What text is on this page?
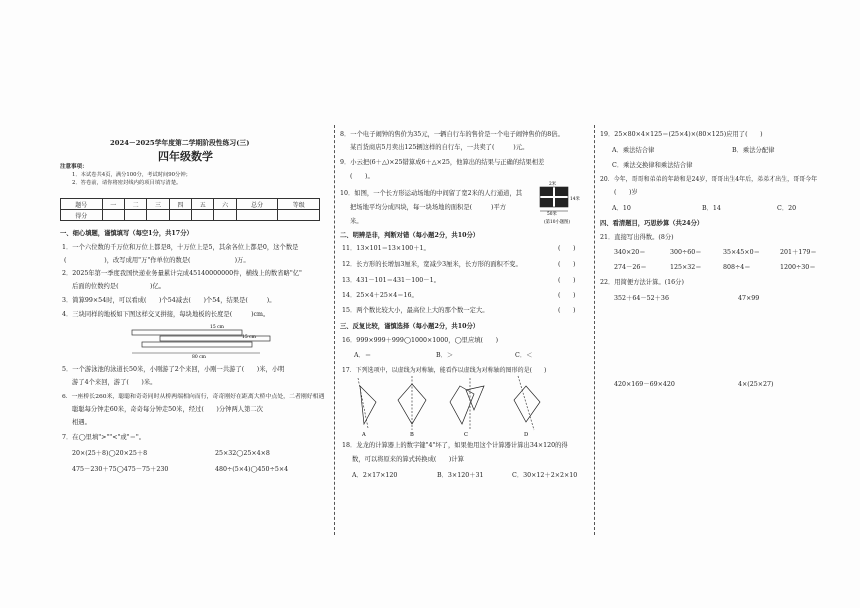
2024－2025学年度第二学期阶段性练习(三)
四年级数学
注意事项：
1．本试卷共4页，满分100分，考试时间90分钟；
2．答卷前，请你将密封线内的项目填写清楚。
题号	一	二	三	四	五	六	总分	等级
得分								
一、细心填题，谨慎填写（每空1分，共17分）
1．一个六位数的千万位和万位上都是8，十万位上是5，其余各位上都是0，这个数是
(　　　　　　)，改写成用"万"作单位的数是(　　　　　　　)万。
2．2025年第一季度我国快递业务量累计完成45140000000件，横线上的数省略"亿"
后面的位数约是(　　　　　)亿。
3．简算99×54时，可以看成(　　)个54减去(　　)个54，结果是(　　　)。
4．三块同样的地板如下图这样交叉拼接，每块地板的长度是(　　　)cm。
15 cm
15 cm
80 cm
5．一个游泳池的泳道长50米，小刚游了2个来回，小刚一共游了(　　)米，小明
游了4个来回，游了(　　)米。
6．一座桥长260米，聪聪和奇奇同时从桥两端相向而行，奇奇刚好在距离大桥中点处，二者刚好相遇
聪聪每分钟走60米，奇奇每分钟走50米，经过(　　)分钟两人第二次
相遇。
7．在◯里填">""<"或"＝"。
20×(25＋8)◯20×25＋8	25×32◯25×4×8
475－230＋75◯475－75＋230	480÷(5×4)◯450÷5×4
8．一个电子闹钟的售价为35元，一辆自行车的售价是一个电子闹钟售价的8倍。
某百货商店5月卖出125辆这样的自行车，一共卖了(　　　)元。
9．小云把(6＋△)×25错算成6＋△×25，他算出的结果与正确的结果相差
(　　)。
10．如图，一个长方形运动场地的中间留了宽2米的人行通道，其
把场地平均分成四块，每一块场地的面积是(　　　)平方
米。
2米
14米
50米
(第10小题图)
二、明辨是非，判断对错（每小题2分，共10分）
11．13×101＝13×100＋1。	(　　)
12．长方形的长增加3厘米，宽减少3厘米，长方形的面积不变。	(　　)
13．431－101＝431－100－1。	(　　)
14．25×4＋25×4＝16。	(　　)
15．两个数比较大小，最高位上大的那个数一定大。	(　　)
三、反复比较，谨慎选择（每小题2分，共10分）
16．999×999＋999◯1000×1000，◯里应填(　　)
A．＝	B．＞	C．＜
17．下列选项中，以虚线为对称轴，能看作以虚线为对称轴的图形的是(　　)
A	B	C	D
18．龙龙的计算器上的数字键"4"坏了，如果他用这个计算器计算出34×120的得
数，可以将原来的算式转换成(　　)计算
A．2×17×120	B．3×120＋31	C．30×12＋2×2×10
19．25×80×4×125＝(25×4)×(80×125)应用了(　　)
A．乘法结合律	B．乘法分配律
C．乘法交换律和乘法结合律
20．今年，哥哥和弟弟的年龄和是24岁，哥哥出生4年后，弟弟才出生，哥哥今年
(　　)岁
A．10	B．14	C．20
四、看清题目，巧思妙算（共24分）
21．直接写出得数。(8分)
340×20＝	300÷60＝	35×45×0＝	201＋179＝
274－26＝	125×32＝	808÷4＝	1200÷30＝
22．用简便方法计算。(16分)
352＋64－52＋36	47×99
420×169－69×420	4×(25×27)
